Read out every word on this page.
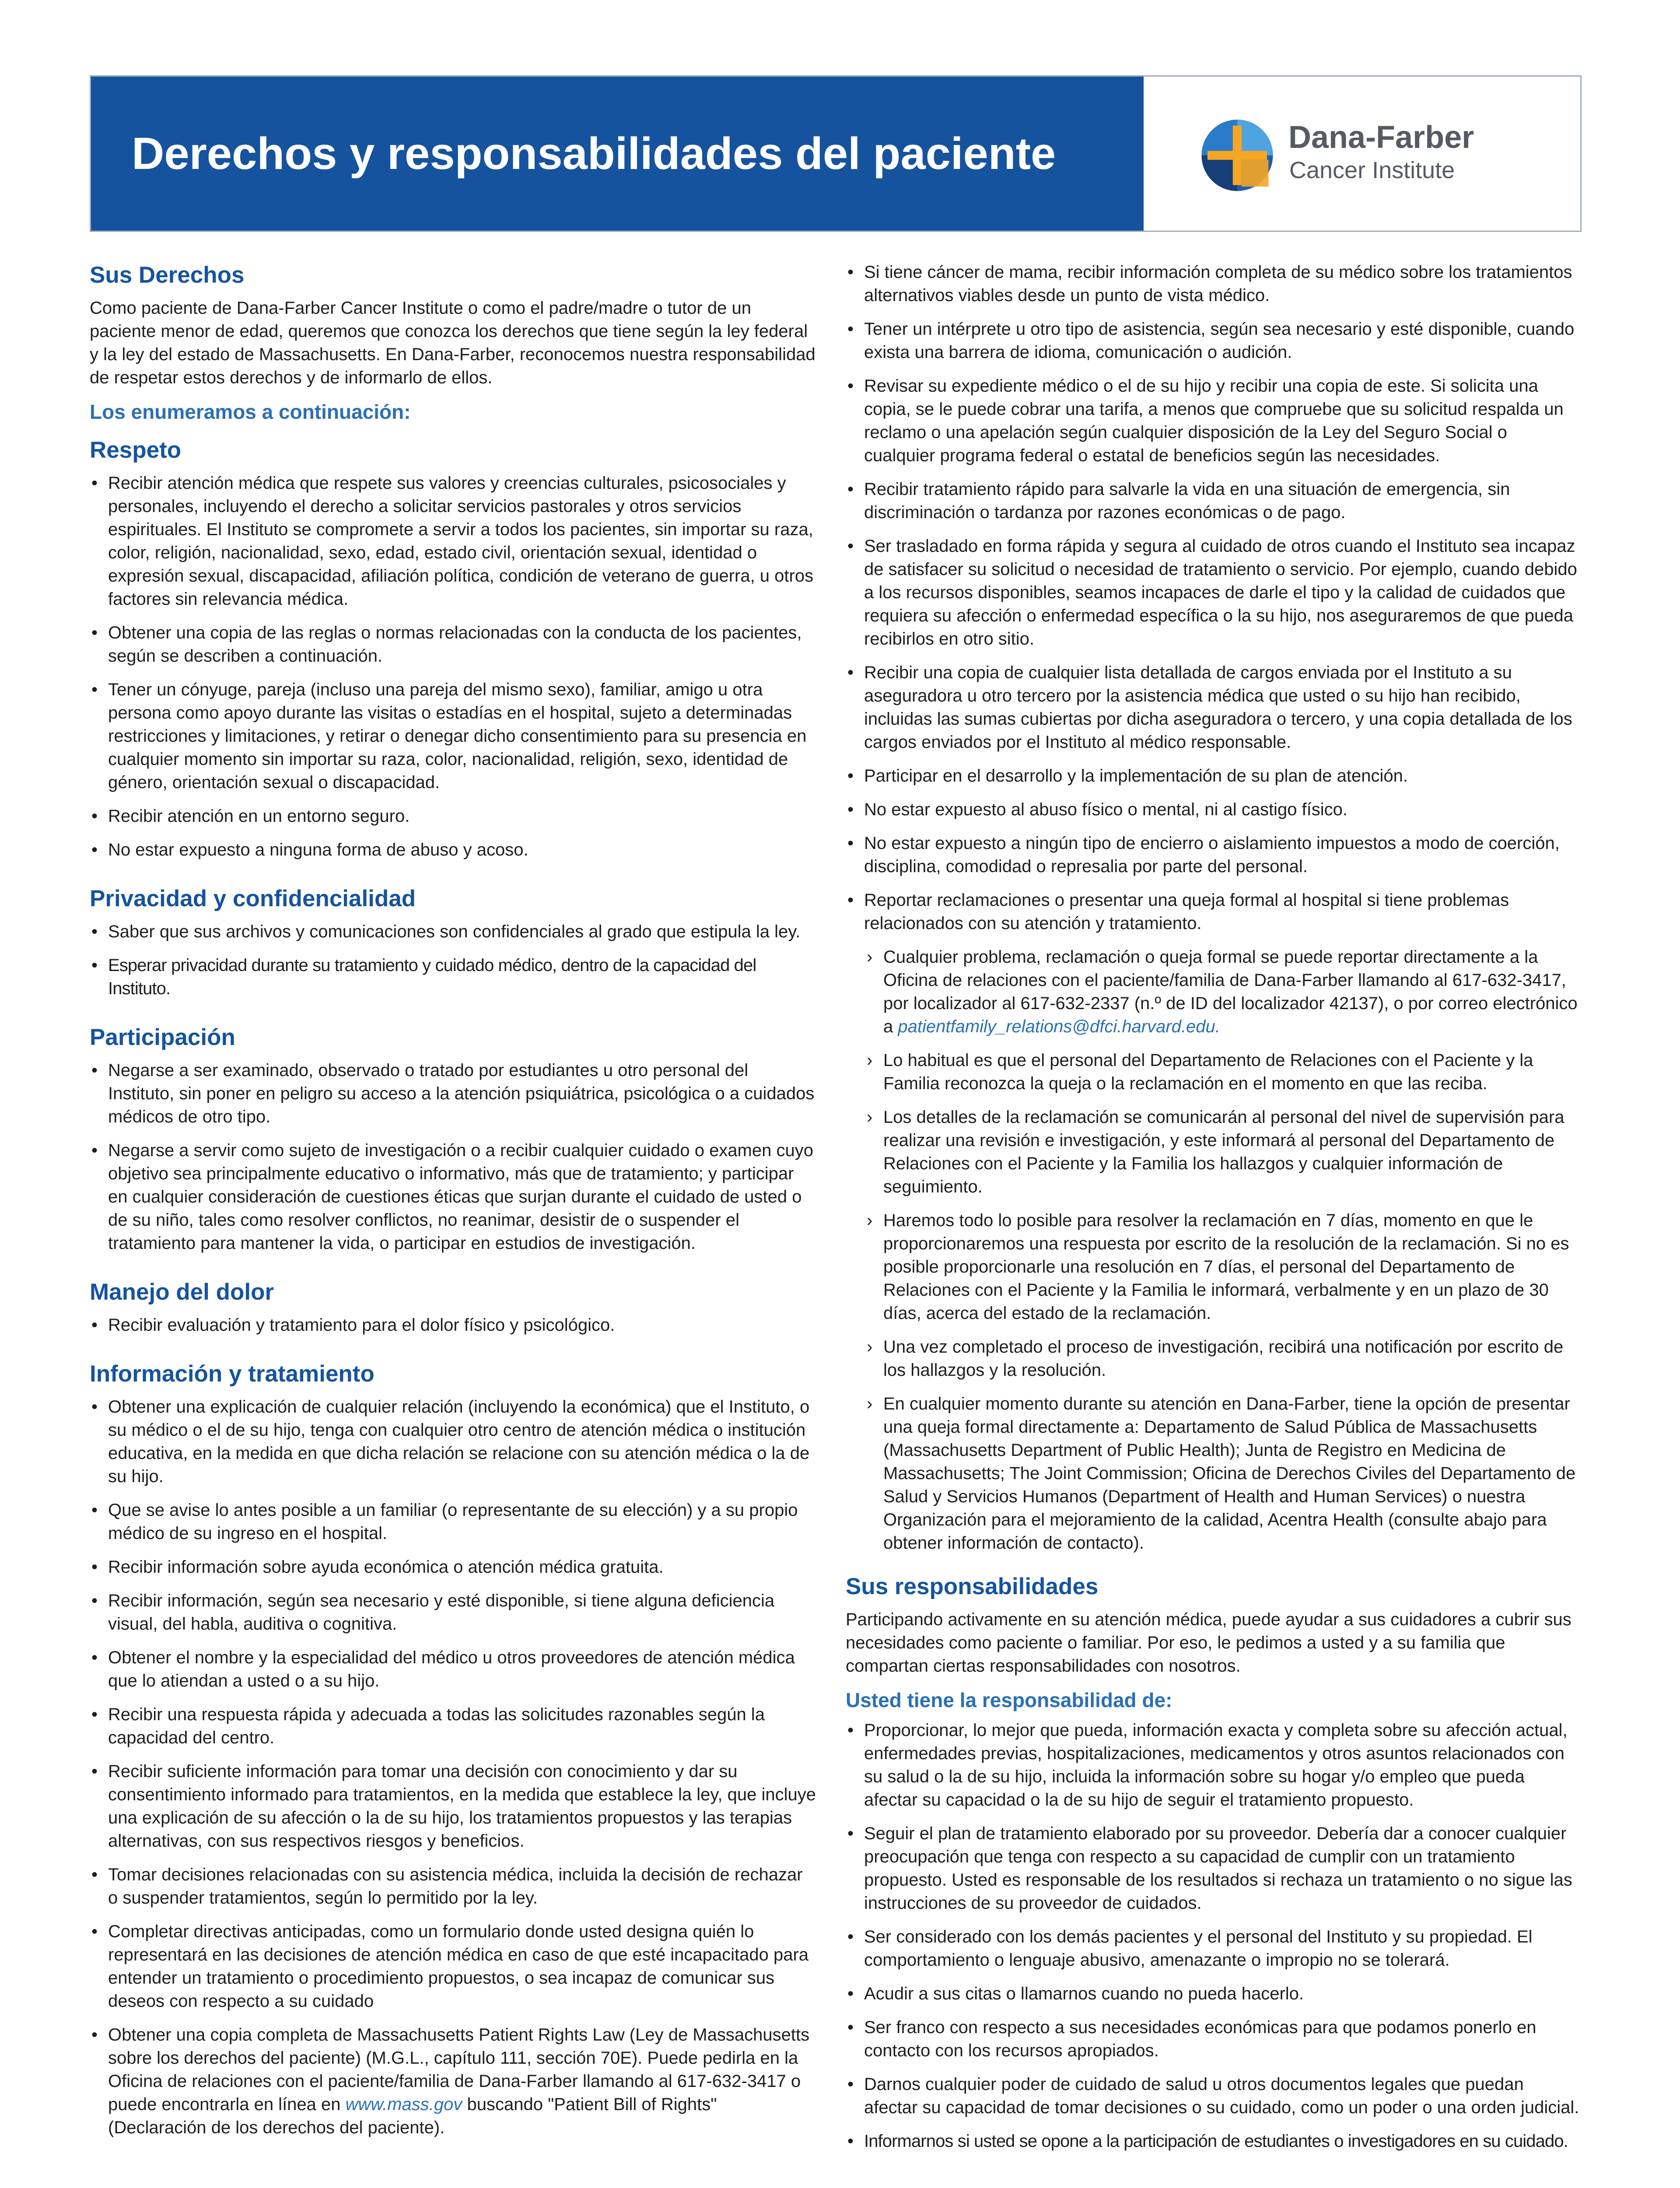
Derechos y responsabilidades del paciente	Dana-Farber
Cancer Institute
Sus Derechos

Como paciente de Dana-Farber Cancer Institute o como el padre/madre o tutor de un paciente menor de edad, queremos que conozca los derechos que tiene según la ley federal y la ley del estado de Massachusetts. En Dana-Farber, reconocemos nuestra responsabilidad de respetar estos derechos y de informarlo de ellos.

Los enumeramos a continuación:
Respeto
• Recibir atención médica que respete sus valores y creencias culturales, psicosociales y personales, incluyendo el derecho a solicitar servicios pastorales y otros servicios espirituales. El Instituto se compromete a servir a todos los pacientes, sin importar su raza, color, religión, nacionalidad, sexo, edad, estado civil, orientación sexual, identidad o expresión sexual, discapacidad, afiliación política, condición de veterano de guerra, u otros factores sin relevancia médica.
• Obtener una copia de las reglas o normas relacionadas con la conducta de los pacientes, según se describen a continuación.
• Tener un cónyuge, pareja (incluso una pareja del mismo sexo), familiar, amigo u otra persona como apoyo durante las visitas o estadías en el hospital, sujeto a determinadas restricciones y limitaciones, y retirar o denegar dicho consentimiento para su presencia en cualquier momento sin importar su raza, color, nacionalidad, religión, sexo, identidad de género, orientación sexual o discapacidad.
• Recibir atención en un entorno seguro.
• No estar expuesto a ninguna forma de abuso y acoso.
Privacidad y confidencialidad
• Saber que sus archivos y comunicaciones son confidenciales al grado que estipula la ley.
• Esperar privacidad durante su tratamiento y cuidado médico, dentro de la capacidad del Instituto.
Participación
• Negarse a ser examinado, observado o tratado por estudiantes u otro personal del Instituto, sin poner en peligro su acceso a la atención psiquiátrica, psicológica o a cuidados médicos de otro tipo.
• Negarse a servir como sujeto de investigación o a recibir cualquier cuidado o examen cuyo objetivo sea principalmente educativo o informativo, más que de tratamiento; y participar en cualquier consideración de cuestiones éticas que surjan durante el cuidado de usted o de su niño, tales como resolver conflictos, no reanimar, desistir de o suspender el tratamiento para mantener la vida, o participar en estudios de investigación.
Manejo del dolor
• Recibir evaluación y tratamiento para el dolor físico y psicológico.
Información y tratamiento
• Obtener una explicación de cualquier relación (incluyendo la económica) que el Instituto, o su médico o el de su hijo, tenga con cualquier otro centro de atención médica o institución educativa, en la medida en que dicha relación se relacione con su atención médica o la de su hijo.
• Que se avise lo antes posible a un familiar (o representante de su elección) y a su propio médico de su ingreso en el hospital.
• Recibir información sobre ayuda económica o atención médica gratuita.
• Recibir información, según sea necesario y esté disponible, si tiene alguna deficiencia visual, del habla, auditiva o cognitiva.
• Obtener el nombre y la especialidad del médico u otros proveedores de atención médica que lo atiendan a usted o a su hijo.
• Recibir una respuesta rápida y adecuada a todas las solicitudes razonables según la capacidad del centro.
• Recibir suficiente información para tomar una decisión con conocimiento y dar su consentimiento informado para tratamientos, en la medida que establece la ley, que incluye una explicación de su afección o la de su hijo, los tratamientos propuestos y las terapias alternativas, con sus respectivos riesgos y beneficios.
• Tomar decisiones relacionadas con su asistencia médica, incluida la decisión de rechazar o suspender tratamientos, según lo permitido por la ley.
• Completar directivas anticipadas, como un formulario donde usted designa quién lo representará en las decisiones de atención médica en caso de que esté incapacitado para entender un tratamiento o procedimiento propuestos, o sea incapaz de comunicar sus deseos con respecto a su cuidado
• Obtener una copia completa de Massachusetts Patient Rights Law (Ley de Massachusetts sobre los derechos del paciente) (M.G.L., capítulo 111, sección 70E). Puede pedirla en la Oficina de relaciones con el paciente/familia de Dana-Farber llamando al 617-632-3417 o puede encontrarla en línea en www.mass.gov buscando "Patient Bill of Rights" (Declaración de los derechos del paciente).
• Si tiene cáncer de mama, recibir información completa de su médico sobre los tratamientos alternativos viables desde un punto de vista médico.
• Tener un intérprete u otro tipo de asistencia, según sea necesario y esté disponible, cuando exista una barrera de idioma, comunicación o audición.
• Revisar su expediente médico o el de su hijo y recibir una copia de este. Si solicita una copia, se le puede cobrar una tarifa, a menos que compruebe que su solicitud respalda un reclamo o una apelación según cualquier disposición de la Ley del Seguro Social o cualquier programa federal o estatal de beneficios según las necesidades.
• Recibir tratamiento rápido para salvarle la vida en una situación de emergencia, sin discriminación o tardanza por razones económicas o de pago.
• Ser trasladado en forma rápida y segura al cuidado de otros cuando el Instituto sea incapaz de satisfacer su solicitud o necesidad de tratamiento o servicio. Por ejemplo, cuando debido a los recursos disponibles, seamos incapaces de darle el tipo y la calidad de cuidados que requiera su afección o enfermedad específica o la su hijo, nos aseguraremos de que pueda recibirlos en otro sitio.
• Recibir una copia de cualquier lista detallada de cargos enviada por el Instituto a su aseguradora u otro tercero por la asistencia médica que usted o su hijo han recibido, incluidas las sumas cubiertas por dicha aseguradora o tercero, y una copia detallada de los cargos enviados por el Instituto al médico responsable.
• Participar en el desarrollo y la implementación de su plan de atención.
• No estar expuesto al abuso físico o mental, ni al castigo físico.
• No estar expuesto a ningún tipo de encierro o aislamiento impuestos a modo de coerción, disciplina, comodidad o represalia por parte del personal.
• Reportar reclamaciones o presentar una queja formal al hospital si tiene problemas relacionados con su atención y tratamiento.
› Cualquier problema, reclamación o queja formal se puede reportar directamente a la Oficina de relaciones con el paciente/familia de Dana-Farber llamando al 617-632-3417, por localizador al 617-632-2337 (n.º de ID del localizador 42137), o por correo electrónico a patientfamily_relations@dfci.harvard.edu.
› Lo habitual es que el personal del Departamento de Relaciones con el Paciente y la Familia reconozca la queja o la reclamación en el momento en que las reciba.
› Los detalles de la reclamación se comunicarán al personal del nivel de supervisión para realizar una revisión e investigación, y este informará al personal del Departamento de Relaciones con el Paciente y la Familia los hallazgos y cualquier información de seguimiento.
› Haremos todo lo posible para resolver la reclamación en 7 días, momento en que le proporcionaremos una respuesta por escrito de la resolución de la reclamación. Si no es posible proporcionarle una resolución en 7 días, el personal del Departamento de Relaciones con el Paciente y la Familia le informará, verbalmente y en un plazo de 30 días, acerca del estado de la reclamación.
› Una vez completado el proceso de investigación, recibirá una notificación por escrito de los hallazgos y la resolución.
› En cualquier momento durante su atención en Dana-Farber, tiene la opción de presentar una queja formal directamente a: Departamento de Salud Pública de Massachusetts (Massachusetts Department of Public Health); Junta de Registro en Medicina de Massachusetts; The Joint Commission; Oficina de Derechos Civiles del Departamento de Salud y Servicios Humanos (Department of Health and Human Services) o nuestra Organización para el mejoramiento de la calidad, Acentra Health (consulte abajo para obtener información de contacto).
Sus responsabilidades

Participando activamente en su atención médica, puede ayudar a sus cuidadores a cubrir sus necesidades como paciente o familiar. Por eso, le pedimos a usted y a su familia que compartan ciertas responsabilidades con nosotros.

Usted tiene la responsabilidad de:
• Proporcionar, lo mejor que pueda, información exacta y completa sobre su afección actual, enfermedades previas, hospitalizaciones, medicamentos y otros asuntos relacionados con su salud o la de su hijo, incluida la información sobre su hogar y/o empleo que pueda afectar su capacidad o la de su hijo de seguir el tratamiento propuesto.
• Seguir el plan de tratamiento elaborado por su proveedor. Debería dar a conocer cualquier preocupación que tenga con respecto a su capacidad de cumplir con un tratamiento propuesto. Usted es responsable de los resultados si rechaza un tratamiento o no sigue las instrucciones de su proveedor de cuidados.
• Ser considerado con los demás pacientes y el personal del Instituto y su propiedad. El comportamiento o lenguaje abusivo, amenazante o impropio no se tolerará.
• Acudir a sus citas o llamarnos cuando no pueda hacerlo.
• Ser franco con respecto a sus necesidades económicas para que podamos ponerlo en contacto con los recursos apropiados.
• Darnos cualquier poder de cuidado de salud u otros documentos legales que puedan afectar su capacidad de tomar decisiones o su cuidado, como un poder o una orden judicial.
• Informarnos si usted se opone a la participación de estudiantes o investigadores en su cuidado.
